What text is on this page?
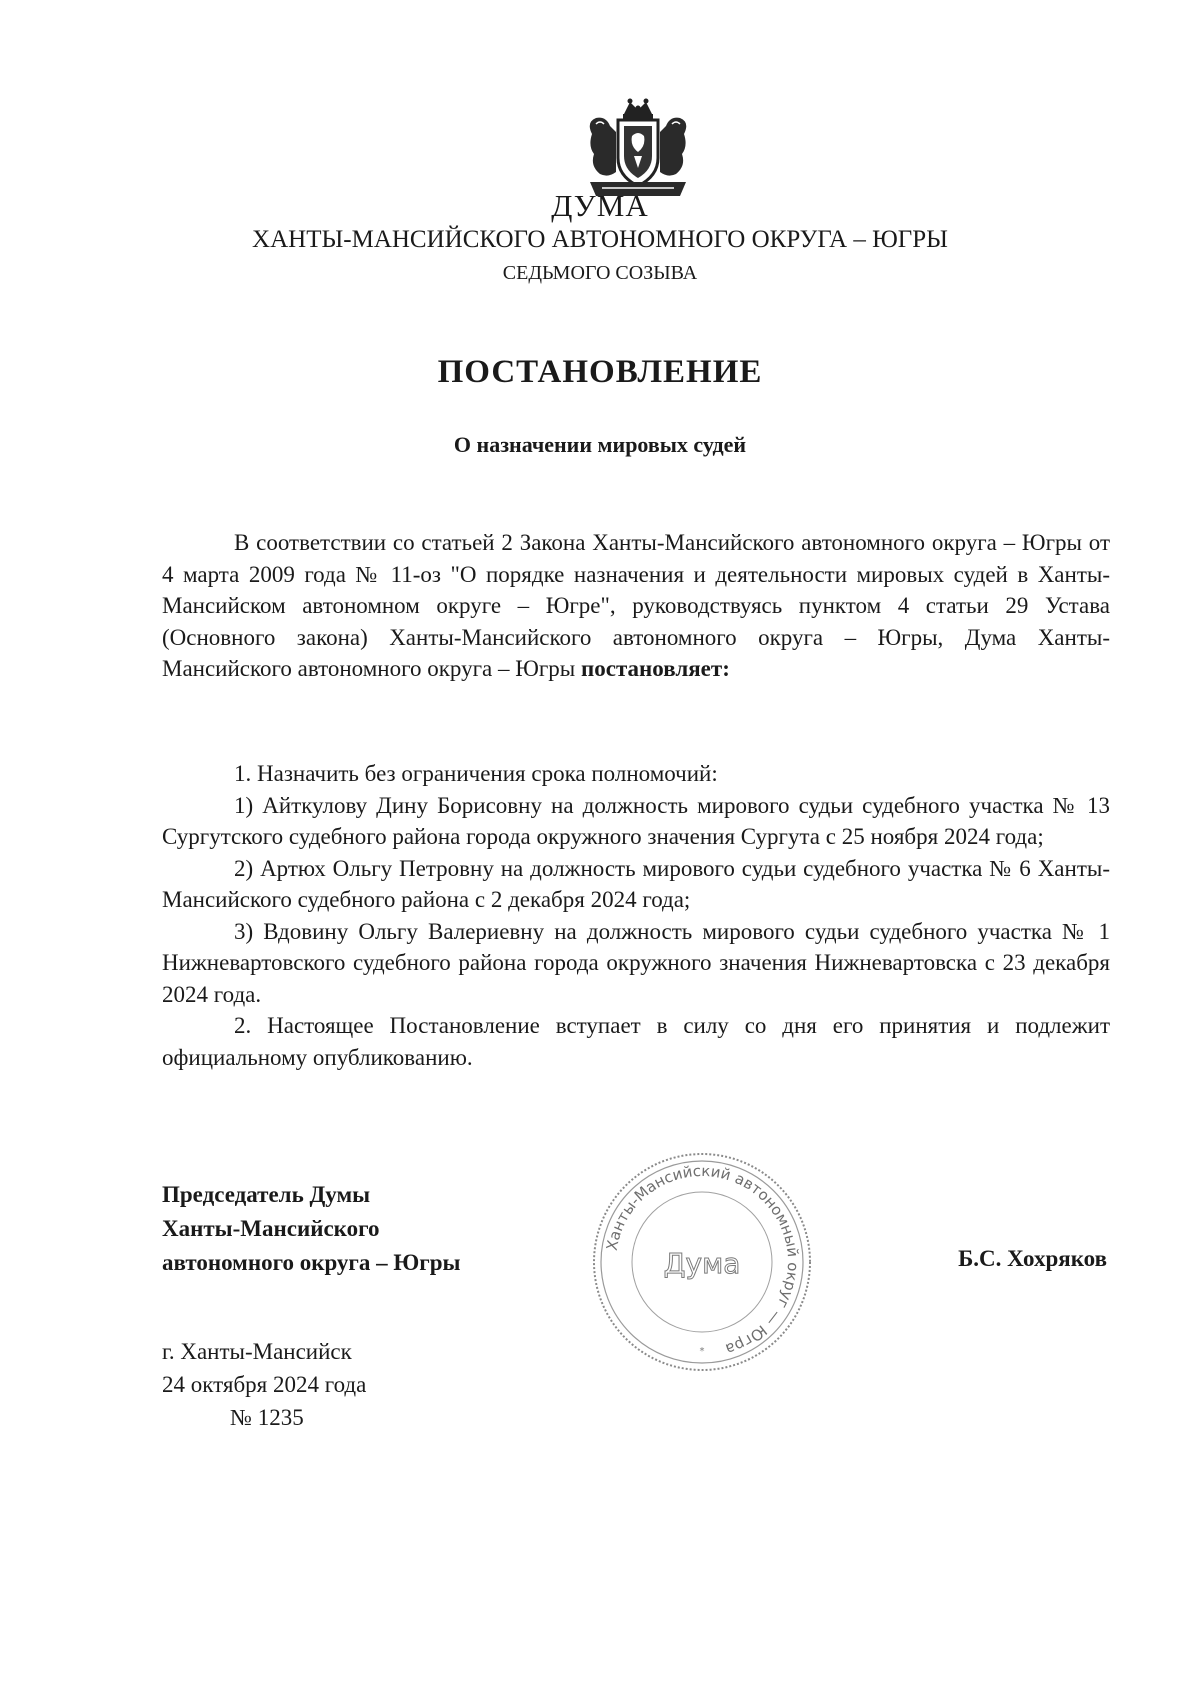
ДУМА
ХАНТЫ-МАНСИЙСКОГО АВТОНОМНОГО ОКРУГА – ЮГРЫ
СЕДЬМОГО СОЗЫВА
ПОСТАНОВЛЕНИЕ
О назначении мировых судей

В соответствии со статьей 2 Закона Ханты-Мансийского автономного округа – Югры от 4 марта 2009 года № 11-оз "О порядке назначения и деятельности мировых судей в Ханты-Мансийском автономном округе – Югре", руководствуясь пунктом 4 статьи 29 Устава (Основного закона) Ханты-Мансийского автономного округа – Югры, Дума Ханты-Мансийского автономного округа – Югры постановляет:

1. Назначить без ограничения срока полномочий:

1) Айткулову Дину Борисовну на должность мирового судьи судебного участка № 13 Сургутского судебного района города окружного значения Сургута с 25 ноября 2024 года;

2) Артюх Ольгу Петровну на должность мирового судьи судебного участка № 6 Ханты-Мансийского судебного района с 2 декабря 2024 года;

3) Вдовину Ольгу Валериевну на должность мирового судьи судебного участка № 1 Нижневартовского судебного района города окружного значения Нижневартовска с 23 декабря 2024 года.

2. Настоящее Постановление вступает в силу со дня его принятия и подлежит официальному опубликованию.

Председатель Думы
Ханты-Мансийского
автономного округа – Югры
Ханты-Мансийский автономный округ — Югра
Дума
*
Б.С. Хохряков
г. Ханты-Мансийск
24 октября 2024 года
№ 1235
